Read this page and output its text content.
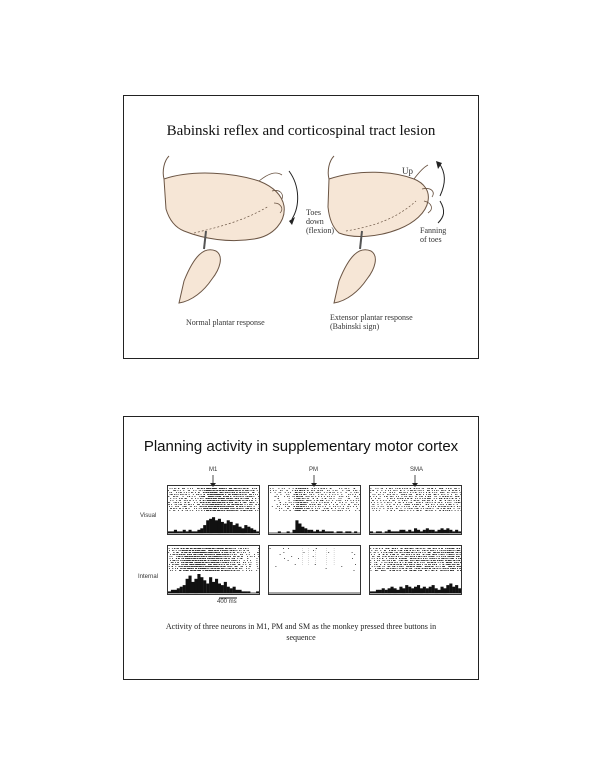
Babinski reflex and corticospinal tract lesion
Toes
down
(flexion)
Normal plantar response
Up
Fanning
of toes
Extensor plantar response
(Babinski sign)
Planning activity in supplementary motor cortex
M1	PM	SMA
Visual
Internal
400 ms
Activity of three neurons in M1, PM and SM as the monkey pressed three buttons in
sequence
